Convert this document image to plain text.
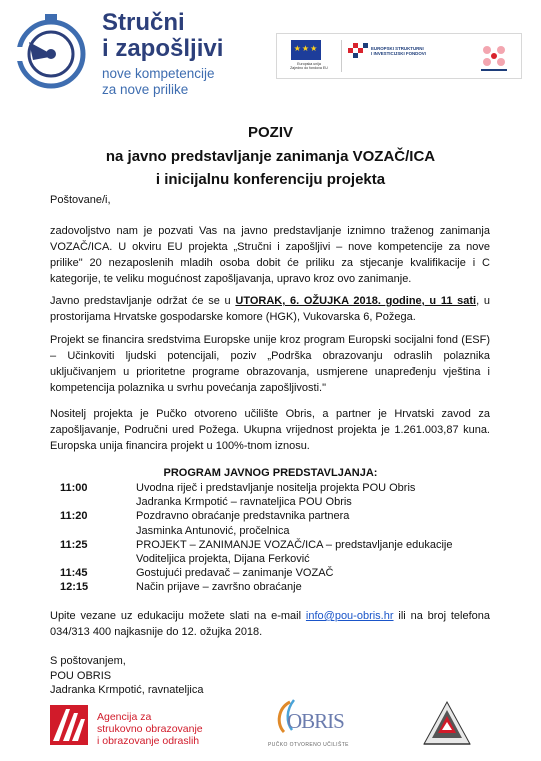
Stručni
i zapošljivi
nove kompetencije
za nove prilike
★★★
Europska unija
Zajedno do fondova EU
EUROPSKI STRUKTURNI
I INVESTICIJSKI FONDOVI
POZIV
na javno predstavljanje zanimanja VOZAČ/ICA
i inicijalnu konferenciju projekta

Poštovane/i,

zadovoljstvo nam je pozvati Vas na javno predstavljanje iznimno traženog zanimanja VOZAČ/ICA. U okviru EU projekta „Stručni i zapošljivi – nove kompetencije za nove prilike" 20 nezaposlenih mladih osoba dobit će priliku za stjecanje kvalifikacije i C kategorije, te veliku mogućnost zapošljavanja, upravo kroz ovo zanimanje.

Javno predstavljanje održat će se u UTORAK, 6. OŽUJKA 2018. godine, u 11 sati, u prostorijama Hrvatske gospodarske komore (HGK), Vukovarska 6, Požega.

Projekt se financira sredstvima Europske unije kroz program Europski socijalni fond (ESF) – Učinkoviti ljudski potencijali, poziv „Podrška obrazovanju odraslih polaznika uključivanjem u prioritetne programe obrazovanja, usmjerene unapređenju vještina i kompetencija polaznika u svrhu povećanja zapošljivosti."

Nositelj projekta je Pučko otvoreno učilište Obris, a partner je Hrvatski zavod za zapošljavanje, Područni ured Požega. Ukupna vrijednost projekta je 1.261.003,87 kuna. Europska unija financira projekt u 100%-tnom iznosu.

PROGRAM JAVNOG PREDSTAVLJANJA:
11:00	Uvodna riječ i predstavljanje nositelja projekta POU Obris
Jadranka Krmpotić – ravnateljica POU Obris
11:20	Pozdravno obraćanje predstavnika partnera
Jasminka Antunović, pročelnica
11:25	PROJEKT – ZANIMANJE VOZAČ/ICA – predstavljanje edukacije
Voditeljica projekta, Dijana Ferković
11:45	Gostujući predavač – zanimanje VOZAČ
12:15	Način prijave – završno obraćanje

Upite vezane uz edukaciju možete slati na e-mail info@pou-obris.hr ili na broj telefona 034/313 400 najkasnije do 12. ožujka 2018.

S poštovanjem,
POU OBRIS
Jadranka Krmpotić, ravnateljica
Agencija za
strukovno obrazovanje
i obrazovanje odraslih
OBRIS
PUČKO OTVORENO UČILIŠTE
